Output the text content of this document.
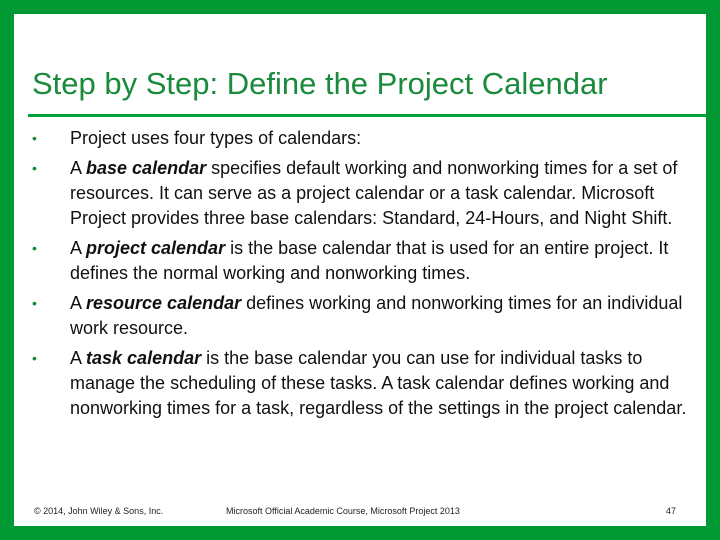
Step by Step: Define the Project Calendar
•	Project uses four types of calendars:
•	A base calendar specifies default working and nonworking times for a set of resources. It can serve as a project calendar or a task calendar. Microsoft Project provides three base calendars: Standard, 24-Hours, and Night Shift.
•	A project calendar is the base calendar that is used for an entire project. It defines the normal working and nonworking times.
•	A resource calendar defines working and nonworking times for an individual work resource.
•	A task calendar is the base calendar you can use for individual tasks to manage the scheduling of these tasks. A task calendar defines working and nonworking times for a task, regardless of the settings in the project calendar.
© 2014, John Wiley & Sons, Inc.	Microsoft Official Academic Course, Microsoft Project 2013	47
